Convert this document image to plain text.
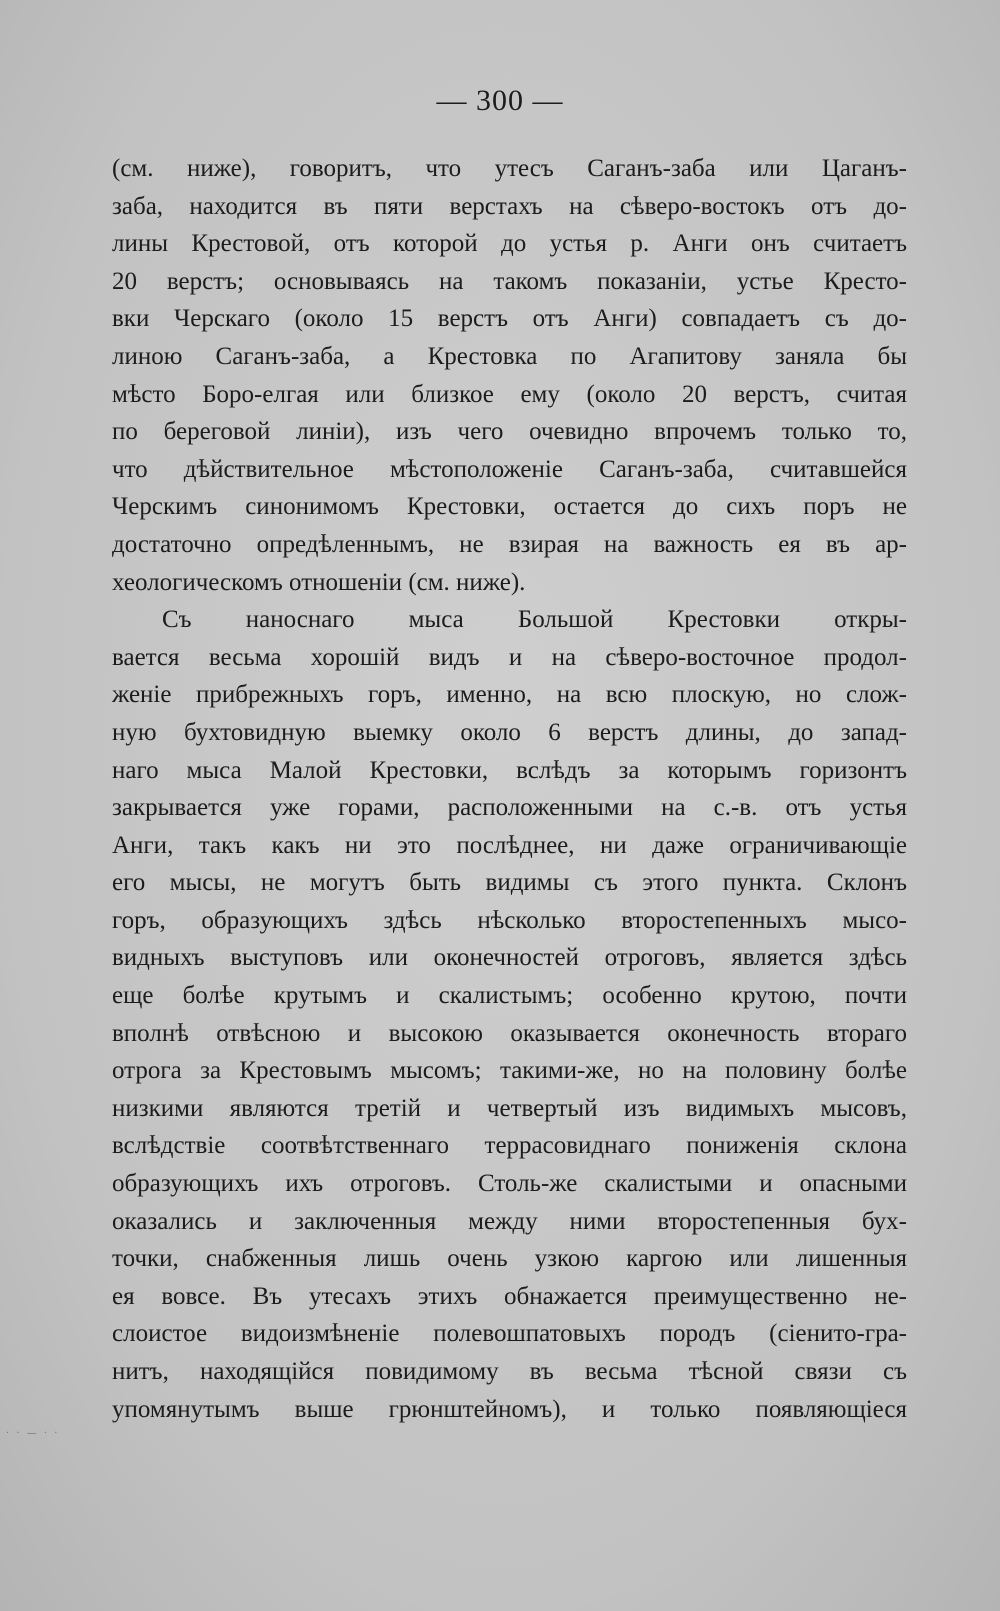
— 300 —
(см. ниже), говоритъ, что утесъ Саганъ-заба или Цаганъ-
заба, находится въ пяти верстахъ на сѣверо-востокъ отъ до-
лины Крестовой, отъ которой до устья р. Анги онъ считаетъ
20 верстъ; основываясь на такомъ показаніи, устье Кресто-
вки Черскаго (около 15 верстъ отъ Анги) совпадаетъ съ до-
линою Саганъ-заба, а Крестовка по Агапитову заняла бы
мѣсто Боро-елгая или близкое ему (около 20 верстъ, считая
по береговой линіи), изъ чего очевидно впрочемъ только то,
что дѣйствительное мѣстоположеніе Саганъ-заба, считавшейся
Черскимъ синонимомъ Крестовки, остается до сихъ поръ не
достаточно опредѣленнымъ, не взирая на важность ея въ ар-
хеологическомъ отношеніи (см. ниже).
Съ наноснаго мыса Большой Крестовки откры-
вается весьма хорошій видъ и на сѣверо-восточное продол-
женіе прибрежныхъ горъ, именно, на всю плоскую, но слож-
ную бухтовидную выемку около 6 верстъ длины, до запад-
наго мыса Малой Крестовки, вслѣдъ за которымъ горизонтъ
закрывается уже горами, расположенными на с.-в. отъ устья
Анги, такъ какъ ни это послѣднее, ни даже ограничивающіе
его мысы, не могутъ быть видимы съ этого пункта. Склонъ
горъ, образующихъ здѣсь нѣсколько второстепенныхъ мысо-
видныхъ выступовъ или оконечностей отроговъ, является здѣсь
еще болѣе крутымъ и скалистымъ; особенно крутою, почти
вполнѣ отвѣсною и высокою оказывается оконечность втораго
отрога за Крестовымъ мысомъ; такими-же, но на половину болѣе
низкими являются третій и четвертый изъ видимыхъ мысовъ,
вслѣдствіе соотвѣтственнаго террасовиднаго пониженія склона
образующихъ ихъ отроговъ. Столь-же скалистыми и опасными
оказались и заключенныя между ними второстепенныя бух-
точки, снабженныя лишь очень узкою каргою или лишенныя
ея вовсе. Въ утесахъ этихъ обнажается преимущественно не-
слоистое видоизмѣненіе полевошпатовыхъ породъ (сіенито-гра-
нитъ, находящійся повидимому въ весьма тѣсной связи съ
упомянутымъ выше грюнштейномъ), и только появляющіеся
· · — · ·
